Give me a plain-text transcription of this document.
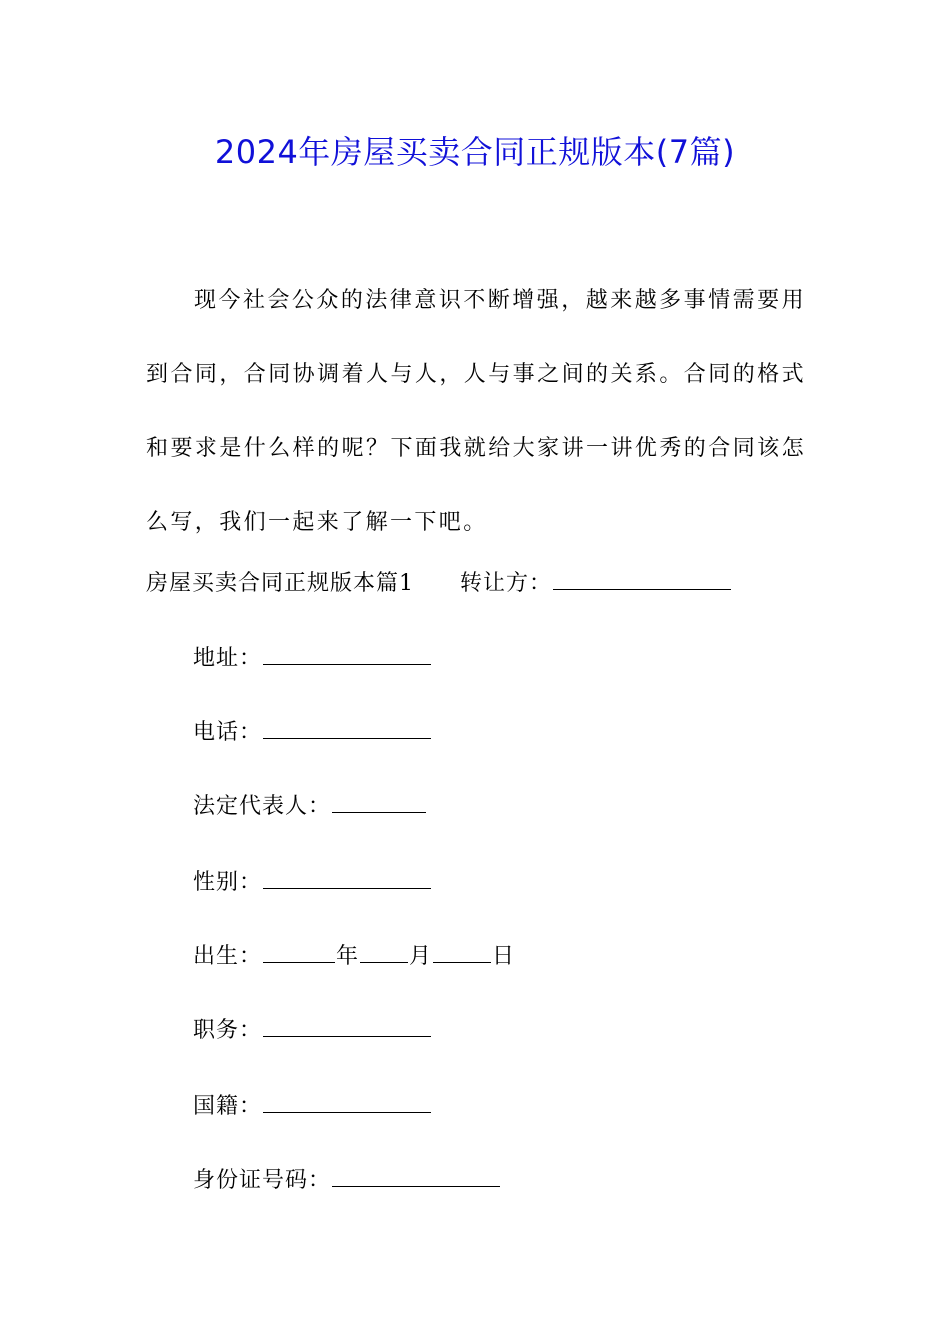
2024年房屋买卖合同正规版本(7篇)

现今社会公众的法律意识不断增强，越来越多事情需要用到合同，合同协调着人与人，人与事之间的关系。合同的格式和要求是什么样的呢？下面我就给大家讲一讲优秀的合同该怎么写，我们一起来了解一下吧。

房屋买卖合同正规版本篇1 转让方：
地址：
电话：
法定代表人：
性别：
出生：	年 月	日
职务：
国籍：
身份证号码：
